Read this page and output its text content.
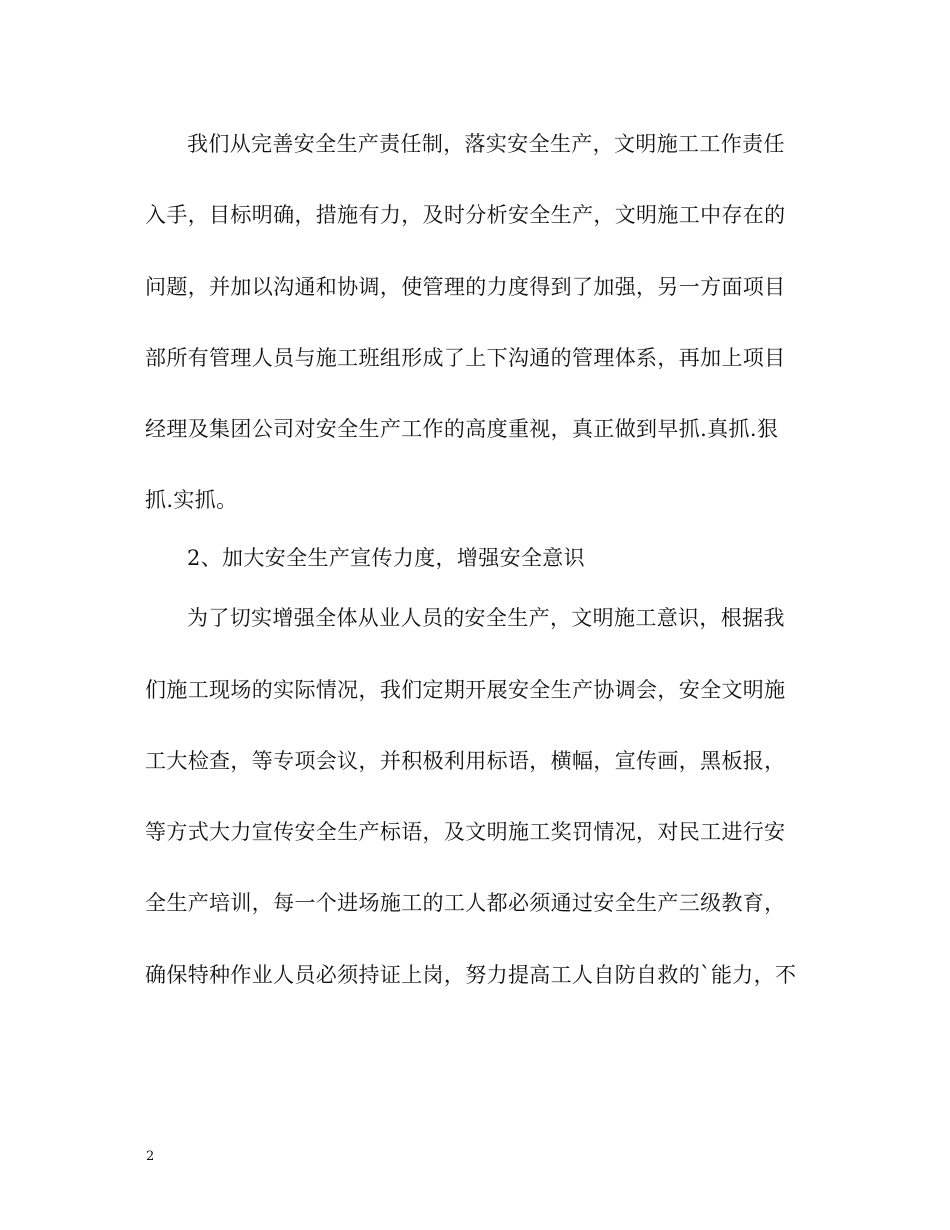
我们从完善安全生产责任制，落实安全生产，文明施工工作责任
入手，目标明确，措施有力，及时分析安全生产，文明施工中存在的
问题，并加以沟通和协调，使管理的力度得到了加强，另一方面项目
部所有管理人员与施工班组形成了上下沟通的管理体系，再加上项目
经理及集团公司对安全生产工作的高度重视，真正做到早抓.真抓.狠
抓.实抓。
2、加大安全生产宣传力度，增强安全意识
为了切实增强全体从业人员的安全生产，文明施工意识，根据我
们施工现场的实际情况，我们定期开展安全生产协调会，安全文明施
工大检查，等专项会议，并积极利用标语，横幅，宣传画，黑板报，
等方式大力宣传安全生产标语，及文明施工奖罚情况，对民工进行安
全生产培训，每一个进场施工的工人都必须通过安全生产三级教育，
确保特种作业人员必须持证上岗，努力提高工人自防自救的`能力，不
2
